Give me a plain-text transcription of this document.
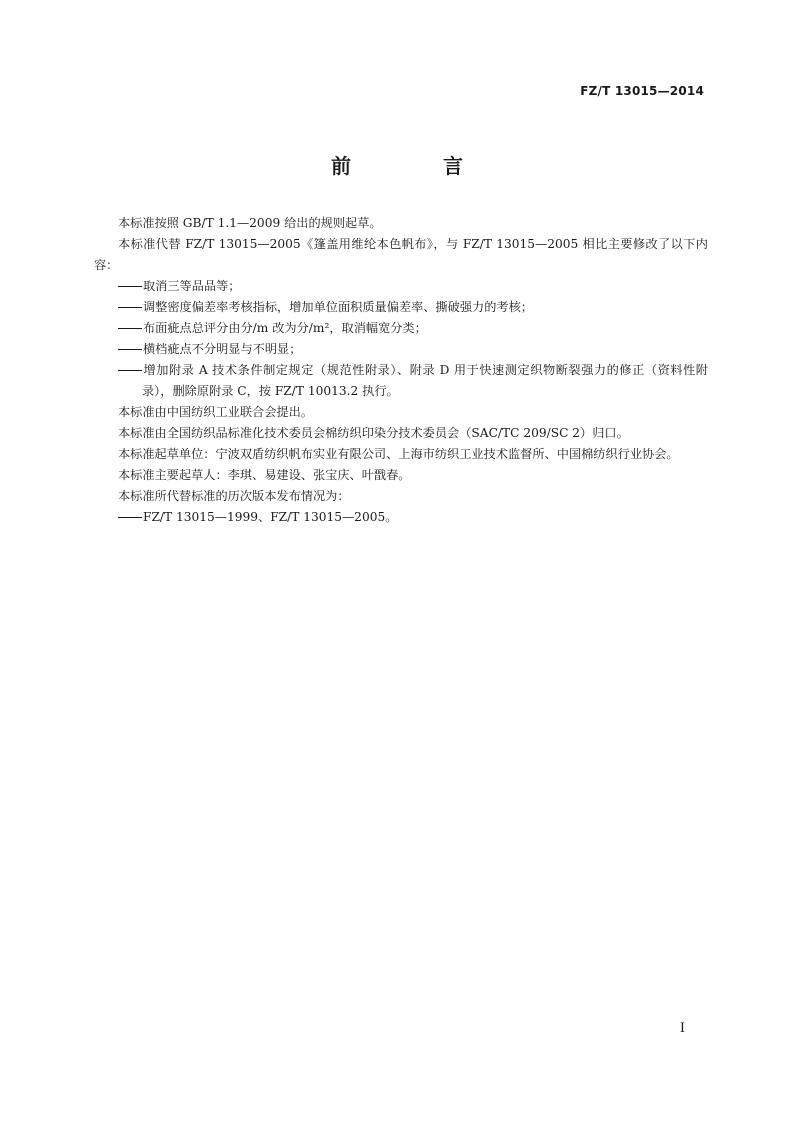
FZ/T 13015—2014
前　言

本标准按照 GB/T 1.1—2009 给出的规则起草。

本标准代替 FZ/T 13015—2005《篷盖用维纶本色帆布》，与 FZ/T 13015—2005 相比主要修改了以下内容：

取消三等品品等；

调整密度偏差率考核指标，增加单位面积质量偏差率、撕破强力的考核；

布面疵点总评分由分/m 改为分/m²，取消幅宽分类；

横档疵点不分明显与不明显；

增加附录 A 技术条件制定规定（规范性附录）、附录 D 用于快速测定织物断裂强力的修正（资料性附录），删除原附录 C，按 FZ/T 10013.2 执行。

本标准由中国纺织工业联合会提出。

本标准由全国纺织品标准化技术委员会棉纺织印染分技术委员会（SAC/TC 209/SC 2）归口。

本标准起草单位：宁波双盾纺织帆布实业有限公司、上海市纺织工业技术监督所、中国棉纺织行业协会。

本标准主要起草人：李琪、易建设、张宝庆、叶戬春。

本标准所代替标准的历次版本发布情况为：

FZ/T 13015—1999、FZ/T 13015—2005。

I
